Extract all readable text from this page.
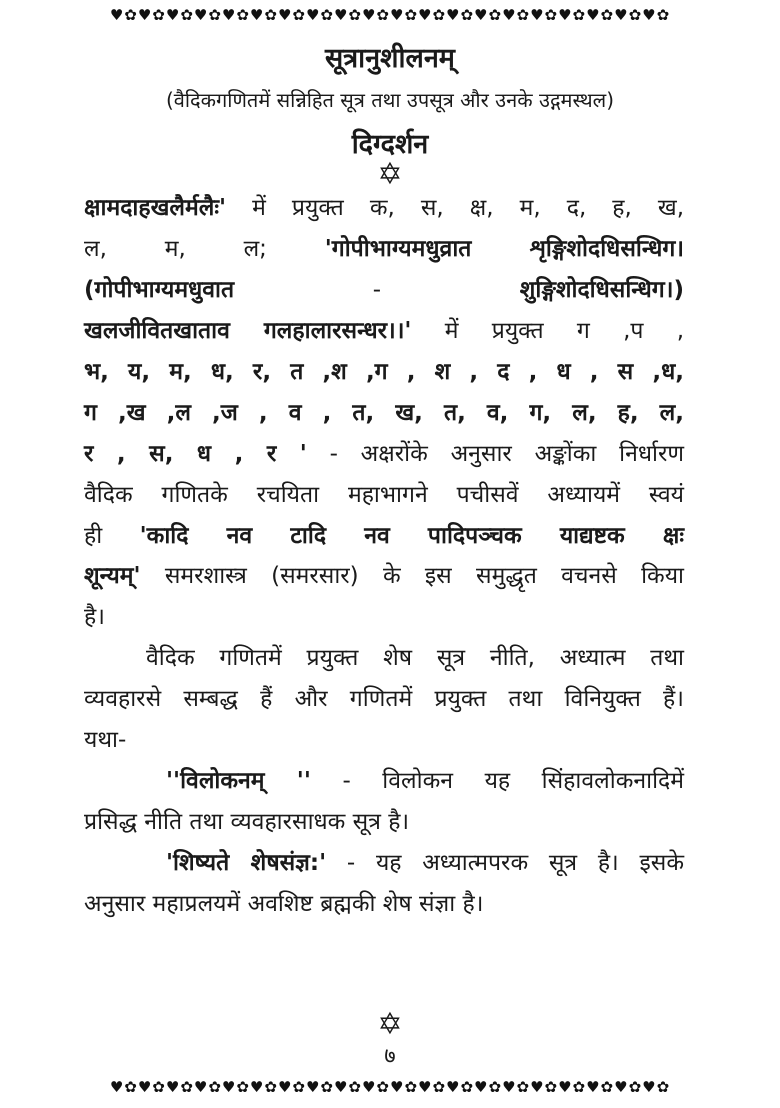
♥✿♥✿♥✿♥✿♥✿♥✿♥✿♥✿♥✿♥✿♥✿♥✿♥✿♥✿♥✿♥✿♥✿♥✿♥✿♥✿
सूत्रानुशीलनम्
(वैदिकगणितमें सन्निहित सूत्र तथा उपसूत्र और उनके उद्गमस्थल)
दिग्दर्शन
✡

क्षामदाहखलैर्मलैः' में प्रयुक्त क, स, क्ष, म, द, ह, ख,
ल, म, ल;	'गोपीभाग्यमधुव्रात शृङ्गिशोदधिसन्धिग।
(गोपीभाग्यमधुवात	-	शुङ्गिशोदधिसन्धिग।)
खलजीवितखाताव गलहालारसन्धर।।' में प्रयुक्त ग ,प ,
भ, य, म, ध, र, त ,श ,ग , श , द , ध , स ,ध,
ग ,ख ,ल ,ज , व , त, ख, त, व, ग, ल, ह, ल,
र , स, ध , र ' - अक्षरोंके अनुसार अङ्कोंका निर्धारण
वैदिक गणितके रचयिता महाभागने पचीसवें अध्यायमें स्वयं
ही 'कादि नव टादि नव पादिपञ्चक याद्यष्टक क्षः
शून्यम्' समरशास्त्र (समरसार) के इस समुद्धृत वचनसे किया
है।

वैदिक गणितमें प्रयुक्त शेष सूत्र नीति, अध्यात्म तथा
व्यवहारसे सम्बद्ध हैं और गणितमें प्रयुक्त तथा विनियुक्त हैं।
यथा-

''विलोकनम् '' - विलोकन यह सिंहावलोकनादिमें
प्रसिद्ध नीति तथा व्यवहारसाधक सूत्र है।

'शिष्यते शेषसंज्ञ:' - यह अध्यात्मपरक सूत्र है। इसके
अनुसार महाप्रलयमें अवशिष्ट ब्रह्मकी शेष संज्ञा है।

✡
७
♥✿♥✿♥✿♥✿♥✿♥✿♥✿♥✿♥✿♥✿♥✿♥✿♥✿♥✿♥✿♥✿♥✿♥✿♥✿♥✿
